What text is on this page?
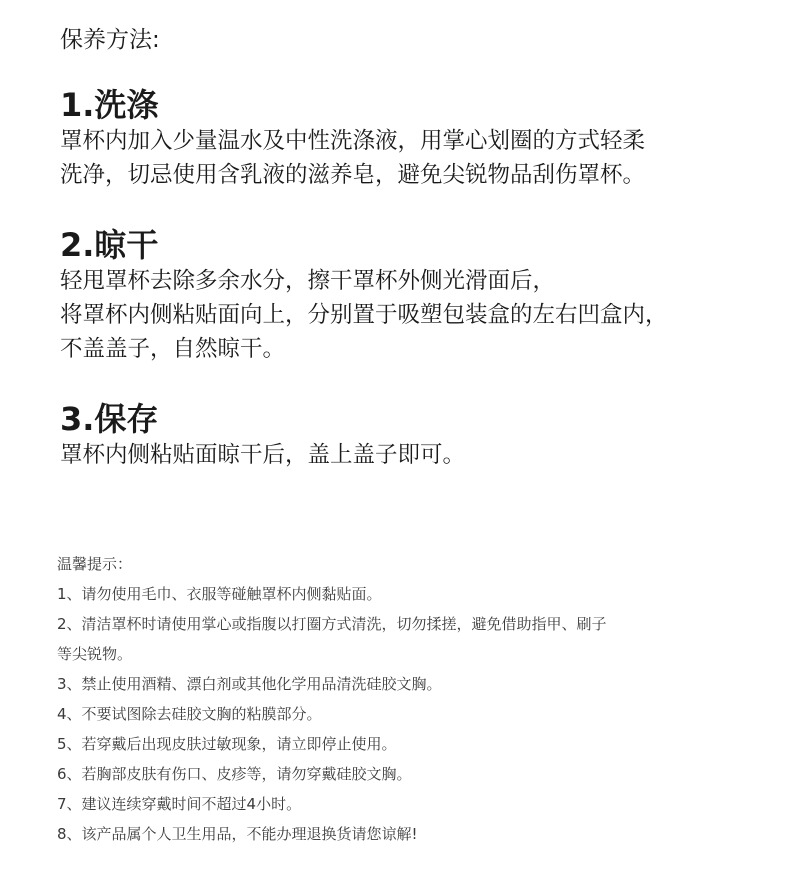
保养方法:
1.洗涤

罩杯内加入少量温水及中性洗涤液，用掌心划圈的方式轻柔
洗净，切忌使用含乳液的滋养皂，避免尖锐物品刮伤罩杯。

2.晾干

轻甩罩杯去除多余水分，擦干罩杯外侧光滑面后，
将罩杯内侧粘贴面向上，分别置于吸塑包装盒的左右凹盒内，
不盖盖子，自然晾干。

3.保存

罩杯内侧粘贴面晾干后，盖上盖子即可。

温馨提示：
1、请勿使用毛巾、衣服等碰触罩杯内侧黏贴面。
2、清洁罩杯时请使用掌心或指腹以打圈方式清洗，切勿揉搓，避免借助指甲、刷子
等尖锐物。
3、禁止使用酒精、漂白剂或其他化学用品清洗硅胶文胸。
4、不要试图除去硅胶文胸的粘膜部分。
5、若穿戴后出现皮肤过敏现象，请立即停止使用。
6、若胸部皮肤有伤口、皮疹等，请勿穿戴硅胶文胸。
7、建议连续穿戴时间不超过4小时。
8、该产品属个人卫生用品，不能办理退换货请您谅解!
